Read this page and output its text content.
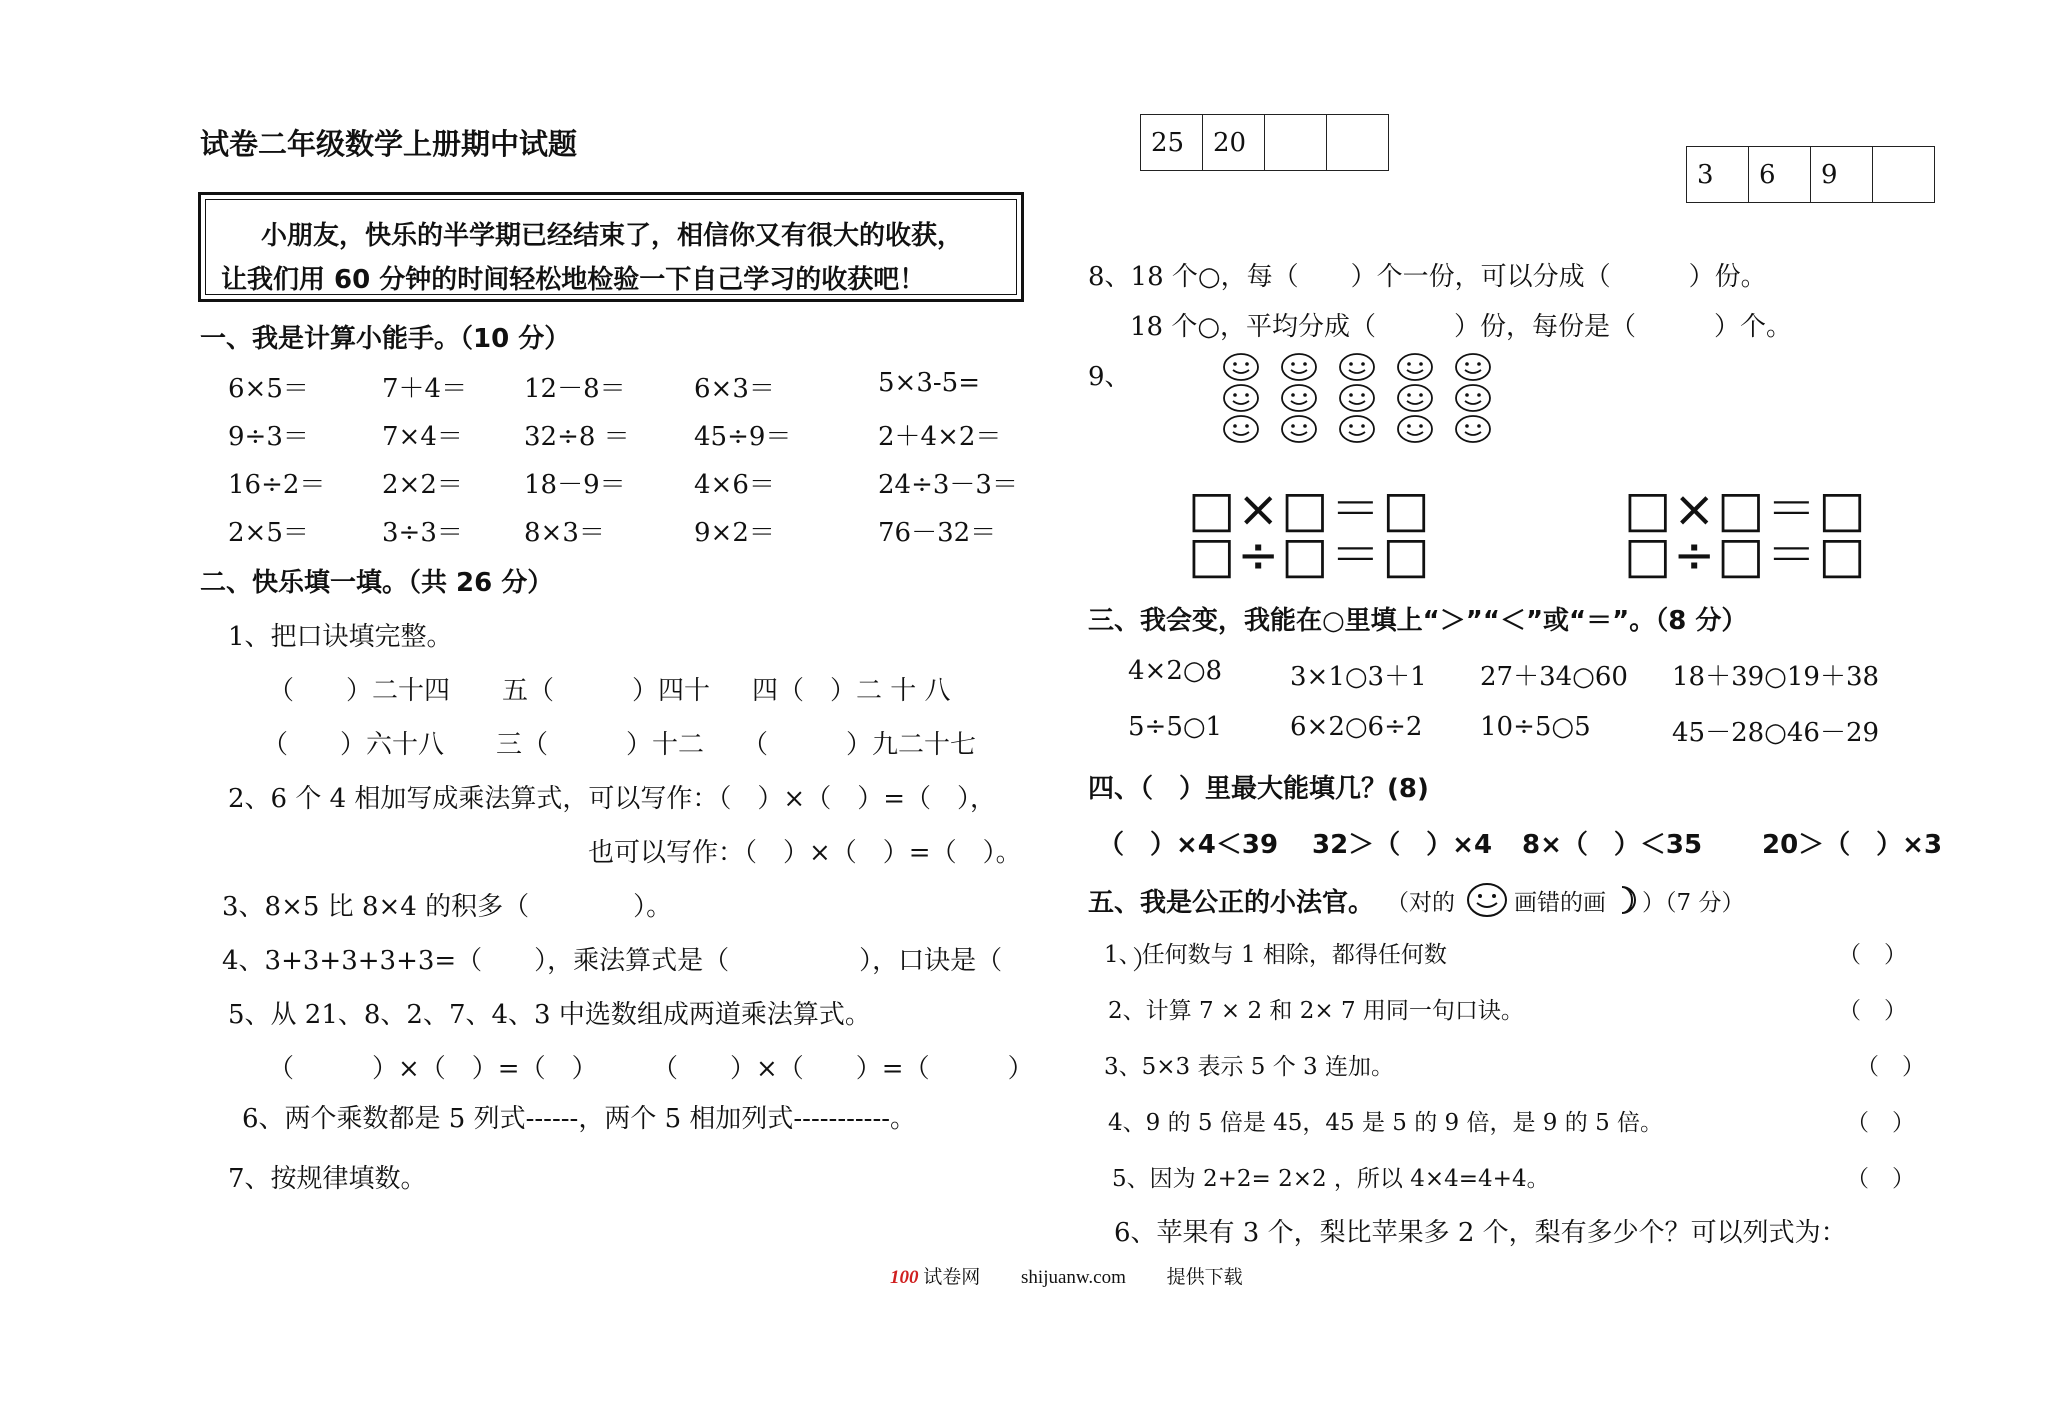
试卷二年级数学上册期中试题
小朋友，快乐的半学期已经结束了，相信你又有很大的收获，
让我们用 60 分钟的时间轻松地检验一下自己学习的收获吧！
一、我是计算小能手。（10 分）
6×5＝	7＋4＝ 12－8＝	6×3＝	5×3-5=
9÷3＝	7×4＝ 32÷8 ＝ 45÷9＝	2＋4×2＝
16÷2＝ 2×2＝ 18－9＝	4×6＝	24÷3－3＝
2×5＝	3÷3＝ 8×3＝	9×2＝	76－32＝
二、快乐填一填。（共 26 分）
1、把口诀填完整。
（　　）二十四 五（　　　）四十 四（　）二 十 八
（　　）六十八 三（　　　）十二 （　　　）九二十七
2、6 个 4 相加写成乘法算式，可以写作：（　）×（　）=（　），
也可以写作：（　）×（　）=（　）。
3、8×5 比 8×4 的积多（　　　　）。
4、3+3+3+3+3=（　　），乘法算式是（　　　　　），口诀是（　　　　　）
5、从 21、8、2、7、4、3 中选数组成两道乘法算式。
（　　　）×（　）=（　） （　　）×（　　）=（　　　）
6、两个乘数都是 5 列式------，两个 5 相加列式-----------。
7、按规律填数。
25	20		
3	6	9	
8、18 个○，每（　　）个一份，可以分成（　　　）份。
18 个○，平均分成（　　　）份，每份是（　　　）个。
9、
□×□＝□
□÷□＝□
□×□＝□
□÷□＝□
三、我会变，我能在○里填上“＞”“＜”或“＝”。（8 分）
4×2○8	3×1○3＋1 27＋34○60 18＋39○19＋38
5÷5○1	6×2○6÷2 10÷5○5	45－28○46－29
四、（　）里最大能填几？(8)
（　）×4＜39 32＞（　）×4 8×（　）＜35 20＞（　）×3
五、我是公正的小法官。 （对的	画错的画 ）（7 分）
1、任何数与 1 相除，都得任何数	（　）
2、计算 7 × 2 和 2× 7 用同一句口诀。	（　）
3、5×3 表示 5 个 3 连加。	（　）
4、9 的 5 倍是 45，45 是 5 的 9 倍，是 9 的 5 倍。	（　）
5、因为 2+2= 2×2 ，所以 4×4=4+4。	（　）
6、苹果有 3 个，梨比苹果多 2 个，梨有多少个？可以列式为：
100 试卷网 shijuanw.com 提供下载
